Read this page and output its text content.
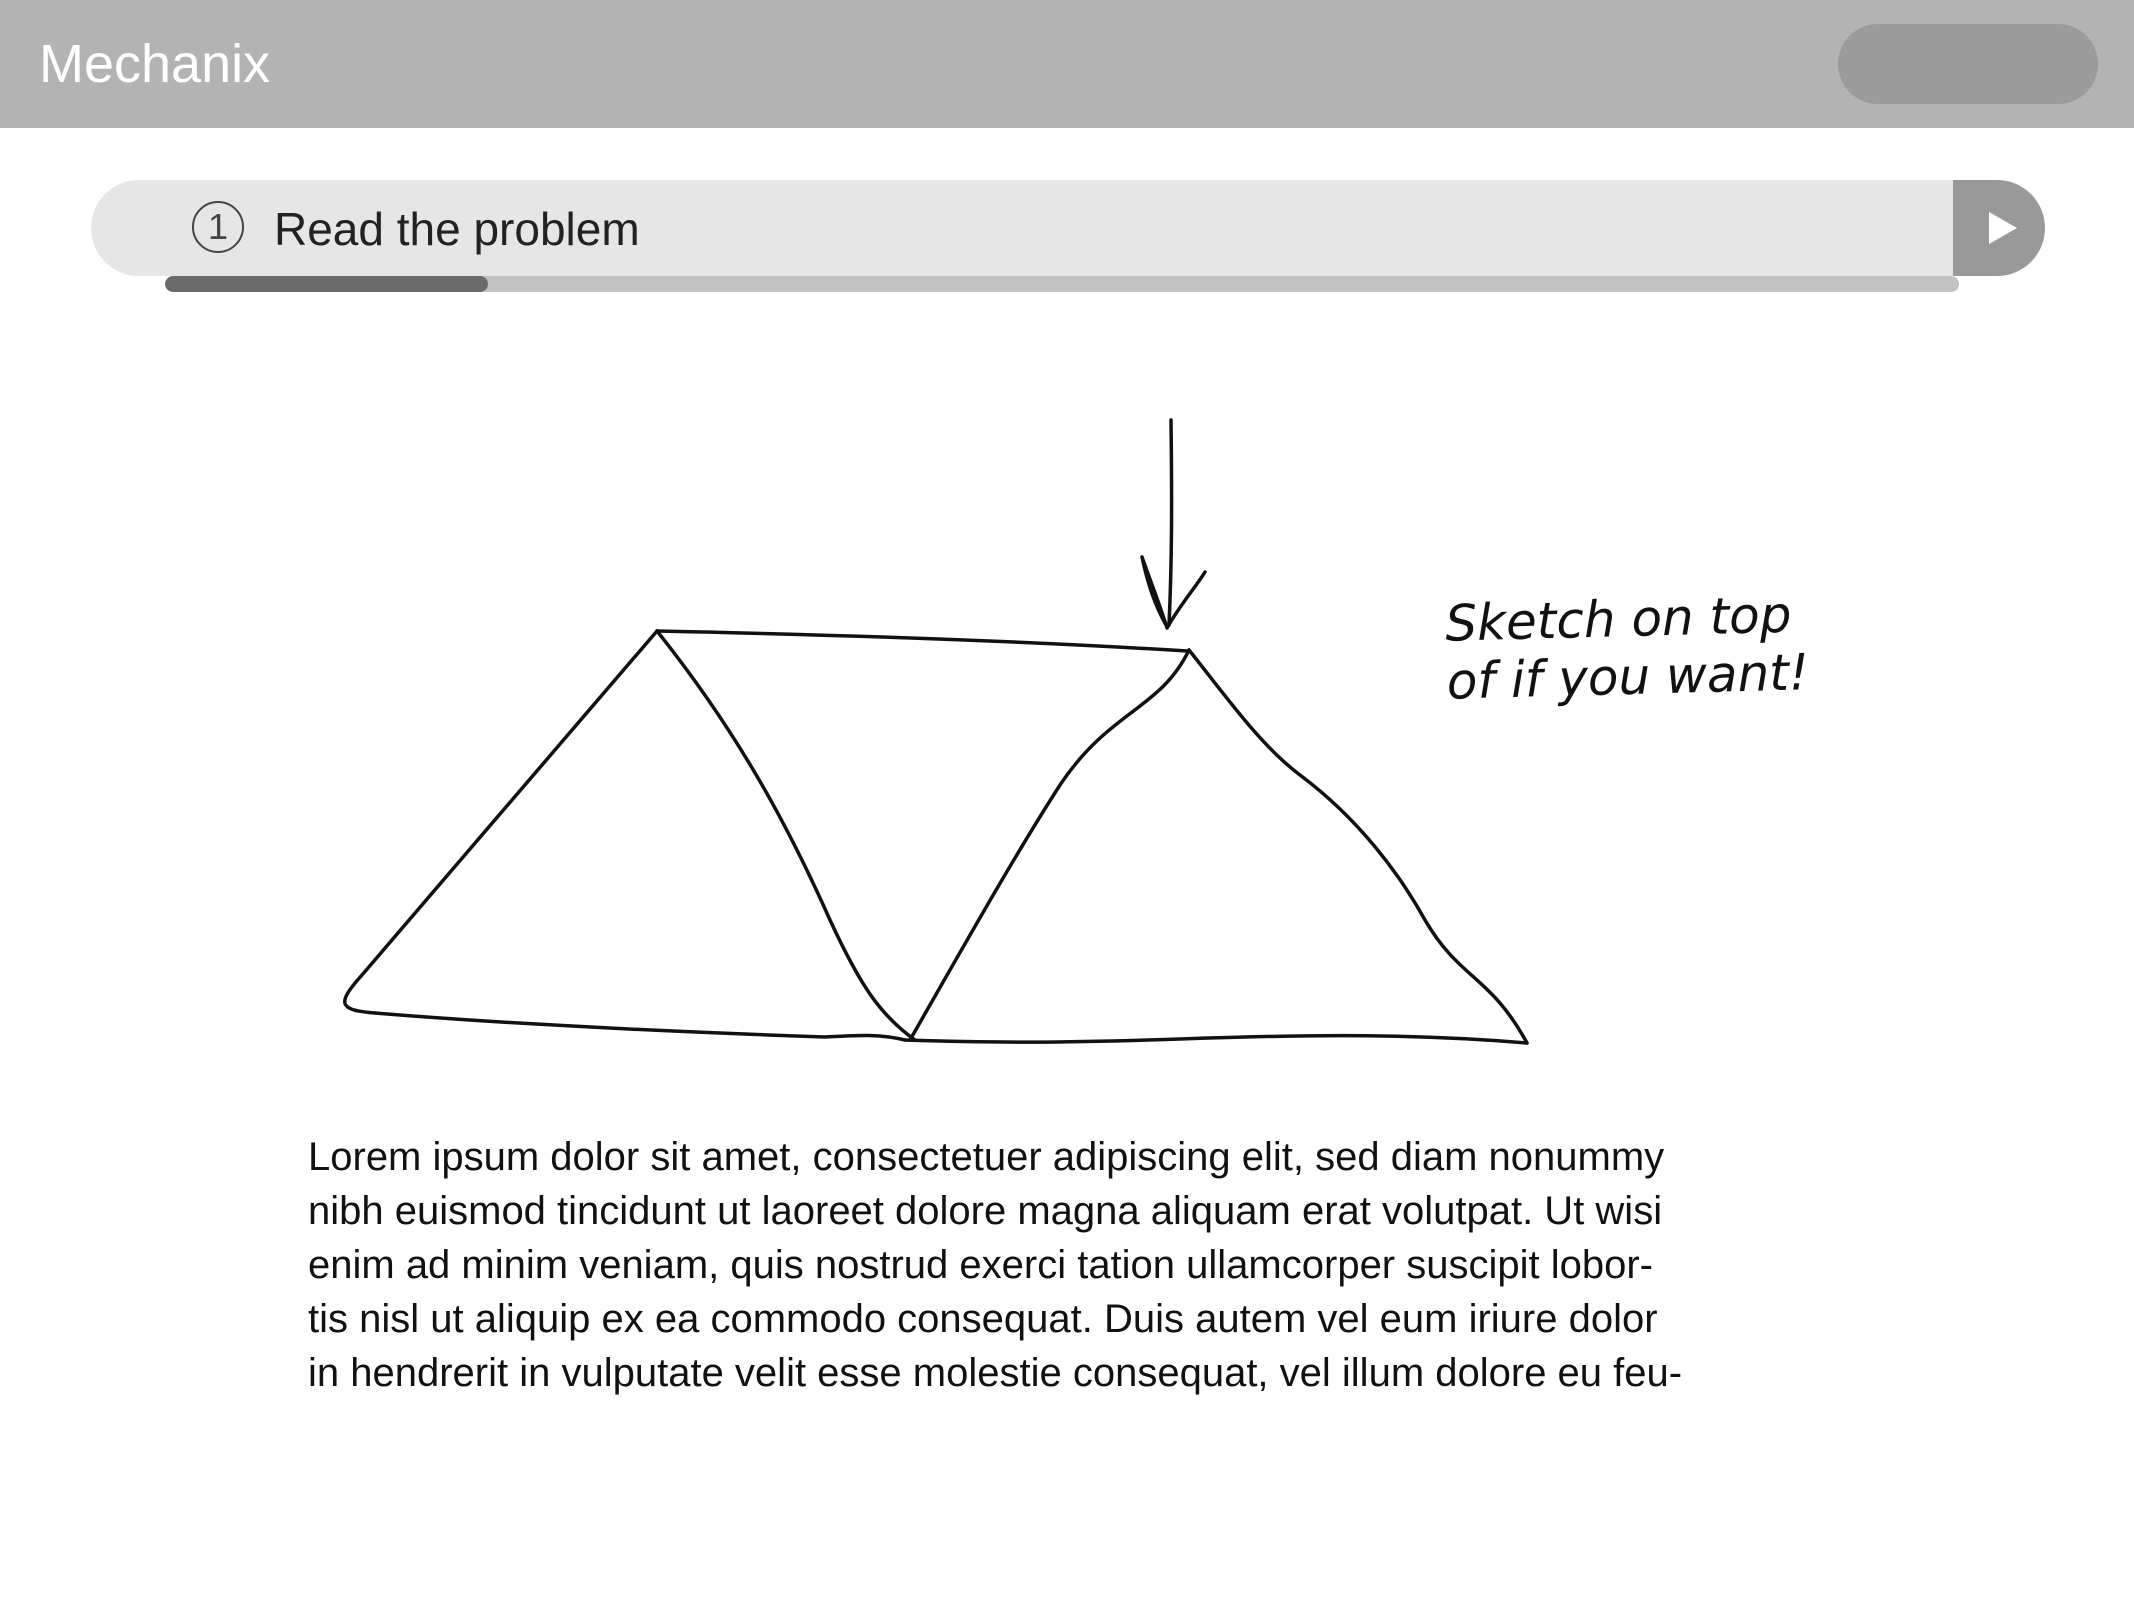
Mechanix
1 Read the problem
Sketch on top
of if you want!
Lorem ipsum dolor sit amet, consectetuer adipiscing elit, sed diam nonummy
nibh euismod tincidunt ut laoreet dolore magna aliquam erat volutpat. Ut wisi
enim ad minim veniam, quis nostrud exerci tation ullamcorper suscipit lobor-
tis nisl ut aliquip ex ea commodo consequat. Duis autem vel eum iriure dolor
in hendrerit in vulputate velit esse molestie consequat, vel illum dolore eu feu-
